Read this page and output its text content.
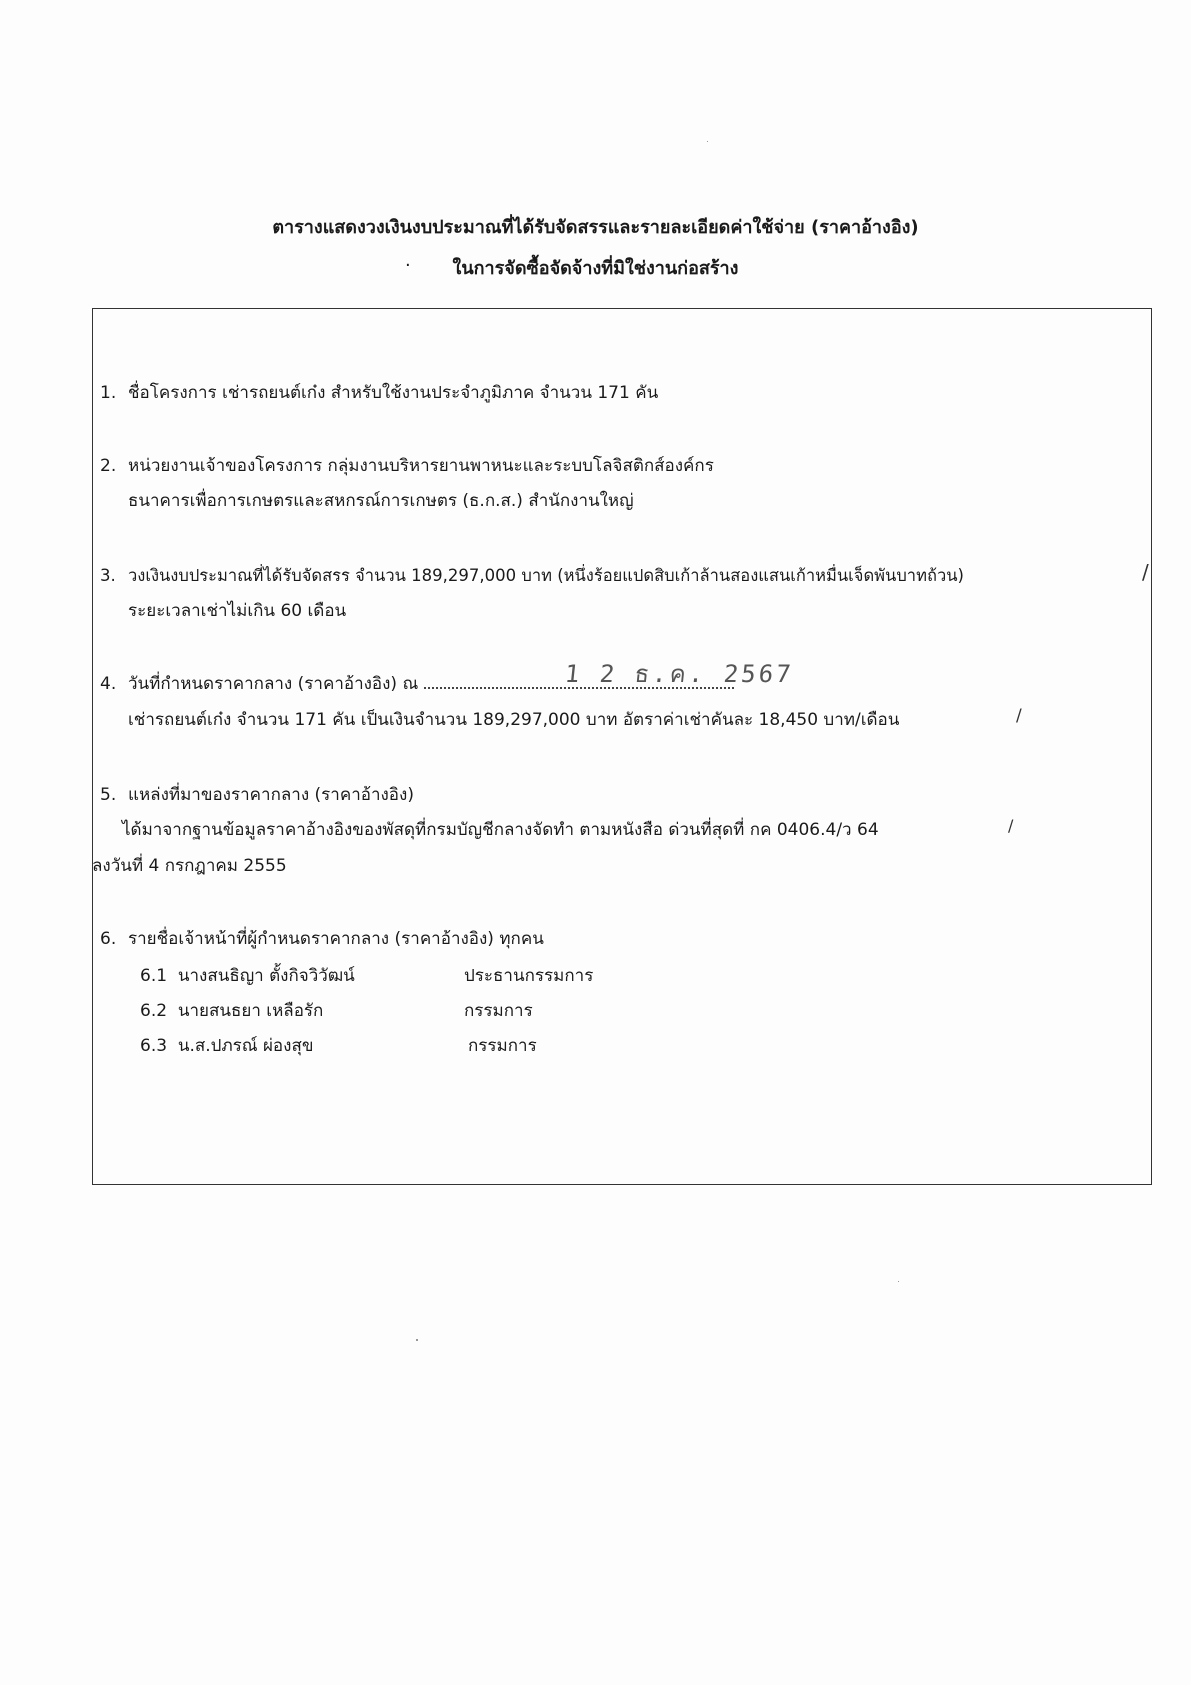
ตารางแสดงวงเงินงบประมาณที่ได้รับจัดสรรและรายละเอียดค่าใช้จ่าย (ราคาอ้างอิง)
·	ในการจัดซื้อจัดจ้างที่มิใช่งานก่อสร้าง
1. ชื่อโครงการ เช่ารถยนต์เก๋ง สำหรับใช้งานประจำภูมิภาค จำนวน 171 คัน
2. หน่วยงานเจ้าของโครงการ กลุ่มงานบริหารยานพาหนะและระบบโลจิสติกส์องค์กร
ธนาคารเพื่อการเกษตรและสหกรณ์การเกษตร (ธ.ก.ส.) สำนักงานใหญ่
3. วงเงินงบประมาณที่ได้รับจัดสรร จำนวน 189,297,000 บาท (หนึ่งร้อยแปดสิบเก้าล้านสองแสนเก้าหมื่นเจ็ดพันบาทถ้วน)	/
ระยะเวลาเช่าไม่เกิน 60 เดือน
4. วันที่กำหนดราคากลาง (ราคาอ้างอิง) ณ	1 2 ธ.ค. 2567
เช่ารถยนต์เก๋ง จำนวน 171 คัน เป็นเงินจำนวน 189,297,000 บาท อัตราค่าเช่าคันละ 18,450 บาท/เดือน	/
5. แหล่งที่มาของราคากลาง (ราคาอ้างอิง)
ได้มาจากฐานข้อมูลราคาอ้างอิงของพัสดุที่กรมบัญชีกลางจัดทำ ตามหนังสือ ด่วนที่สุดที่ กค 0406.4/ว 64	/
ลงวันที่ 4 กรกฎาคม 2555
6. รายชื่อเจ้าหน้าที่ผู้กำหนดราคากลาง (ราคาอ้างอิง) ทุกคน
6.1 นางสนธิญา ตั้งกิจวิวัฒน์	ประธานกรรมการ
6.2 นายสนธยา เหลือรัก	กรรมการ
6.3 น.ส.ปภรณ์ ผ่องสุข	กรรมการ
